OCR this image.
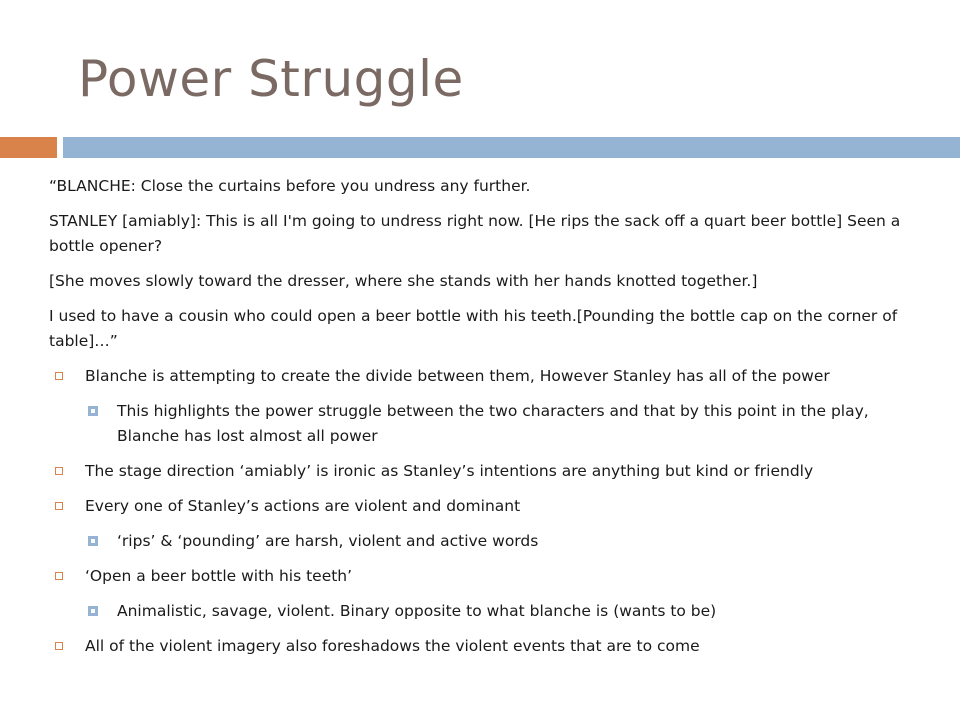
Power Struggle

“BLANCHE: Close the curtains before you undress any further.

STANLEY [amiably]: This is all I'm going to undress right now. [He rips the sack off a quart beer bottle] Seen a bottle opener?

[She moves slowly toward the dresser, where she stands with her hands knotted together.]

I used to have a cousin who could open a beer bottle with his teeth.[Pounding the bottle cap on the corner of table]…”

Blanche is attempting to create the divide between them, However Stanley has all of the power
This highlights the power struggle between the two characters and that by this point in the play, Blanche has lost almost all power
The stage direction ‘amiably’ is ironic as Stanley’s intentions are anything but kind or friendly
Every one of Stanley’s actions are violent and dominant
‘rips’ & ‘pounding’ are harsh, violent and active words
‘Open a beer bottle with his teeth’
Animalistic, savage, violent. Binary opposite to what blanche is (wants to be)
All of the violent imagery also foreshadows the violent events that are to come
